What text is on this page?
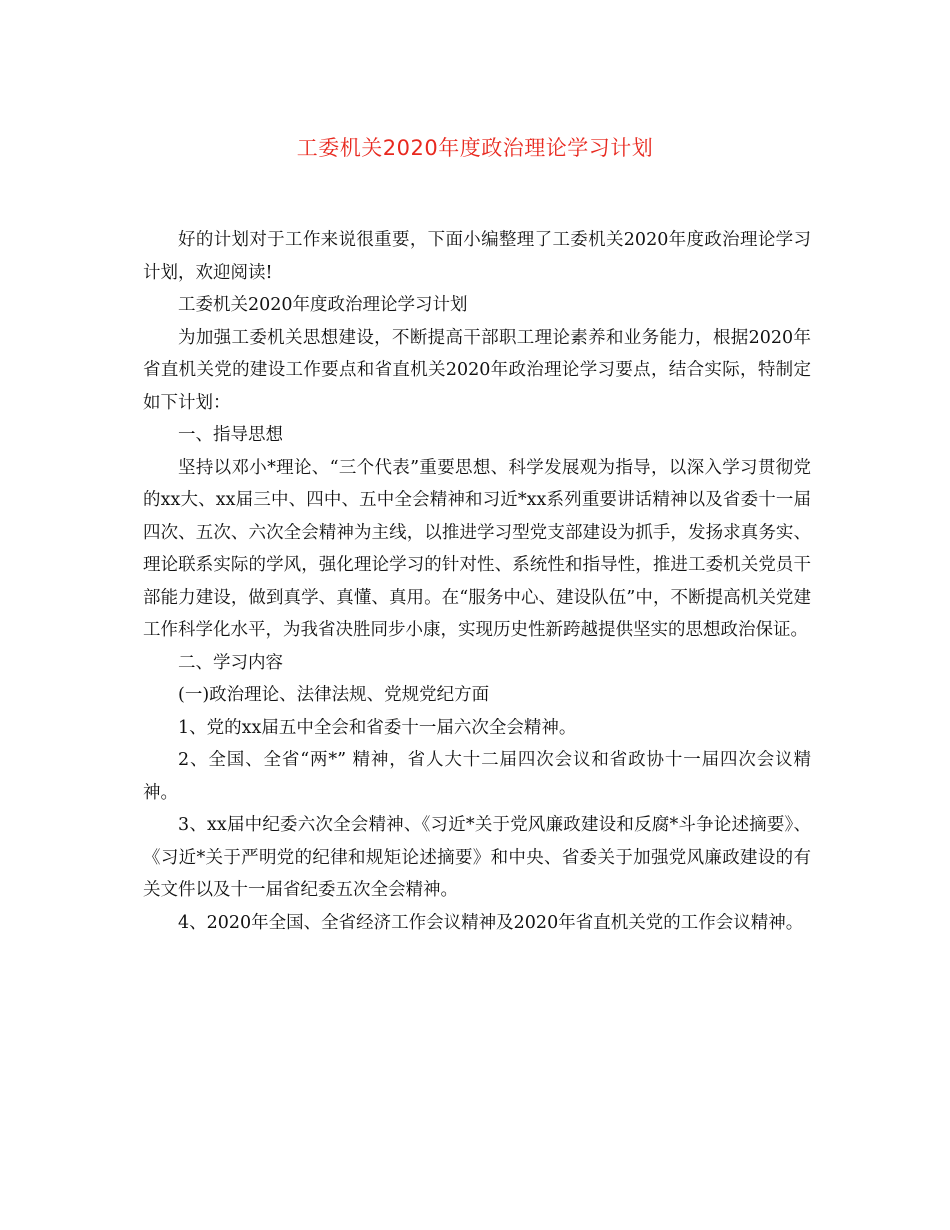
工委机关2020年度政治理论学习计划

好的计划对于工作来说很重要，下面小编整理了工委机关2020年度政治理论学习计划，欢迎阅读!

工委机关2020年度政治理论学习计划

为加强工委机关思想建设，不断提高干部职工理论素养和业务能力，根据2020年省直机关党的建设工作要点和省直机关2020年政治理论学习要点，结合实际，特制定如下计划：

一、指导思想

坚持以邓小*理论、“三个代表”重要思想、科学发展观为指导，以深入学习贯彻党的xx大、xx届三中、四中、五中全会精神和习近*xx系列重要讲话精神以及省委十一届四次、五次、六次全会精神为主线，以推进学习型党支部建设为抓手，发扬求真务实、理论联系实际的学风，强化理论学习的针对性、系统性和指导性，推进工委机关党员干部能力建设，做到真学、真懂、真用。在“服务中心、建设队伍”中，不断提高机关党建工作科学化水平，为我省决胜同步小康，实现历史性新跨越提供坚实的思想政治保证。

二、学习内容

(一)政治理论、法律法规、党规党纪方面

1、党的xx届五中全会和省委十一届六次全会精神。

2、全国、全省“两*” 精神，省人大十二届四次会议和省政协十一届四次会议精神。

3、xx届中纪委六次全会精神、《习近*关于党风廉政建设和反腐*斗争论述摘要》、《习近*关于严明党的纪律和规矩论述摘要》和中央、省委关于加强党风廉政建设的有关文件以及十一届省纪委五次全会精神。

4、2020年全国、全省经济工作会议精神及2020年省直机关党的工作会议精神。
